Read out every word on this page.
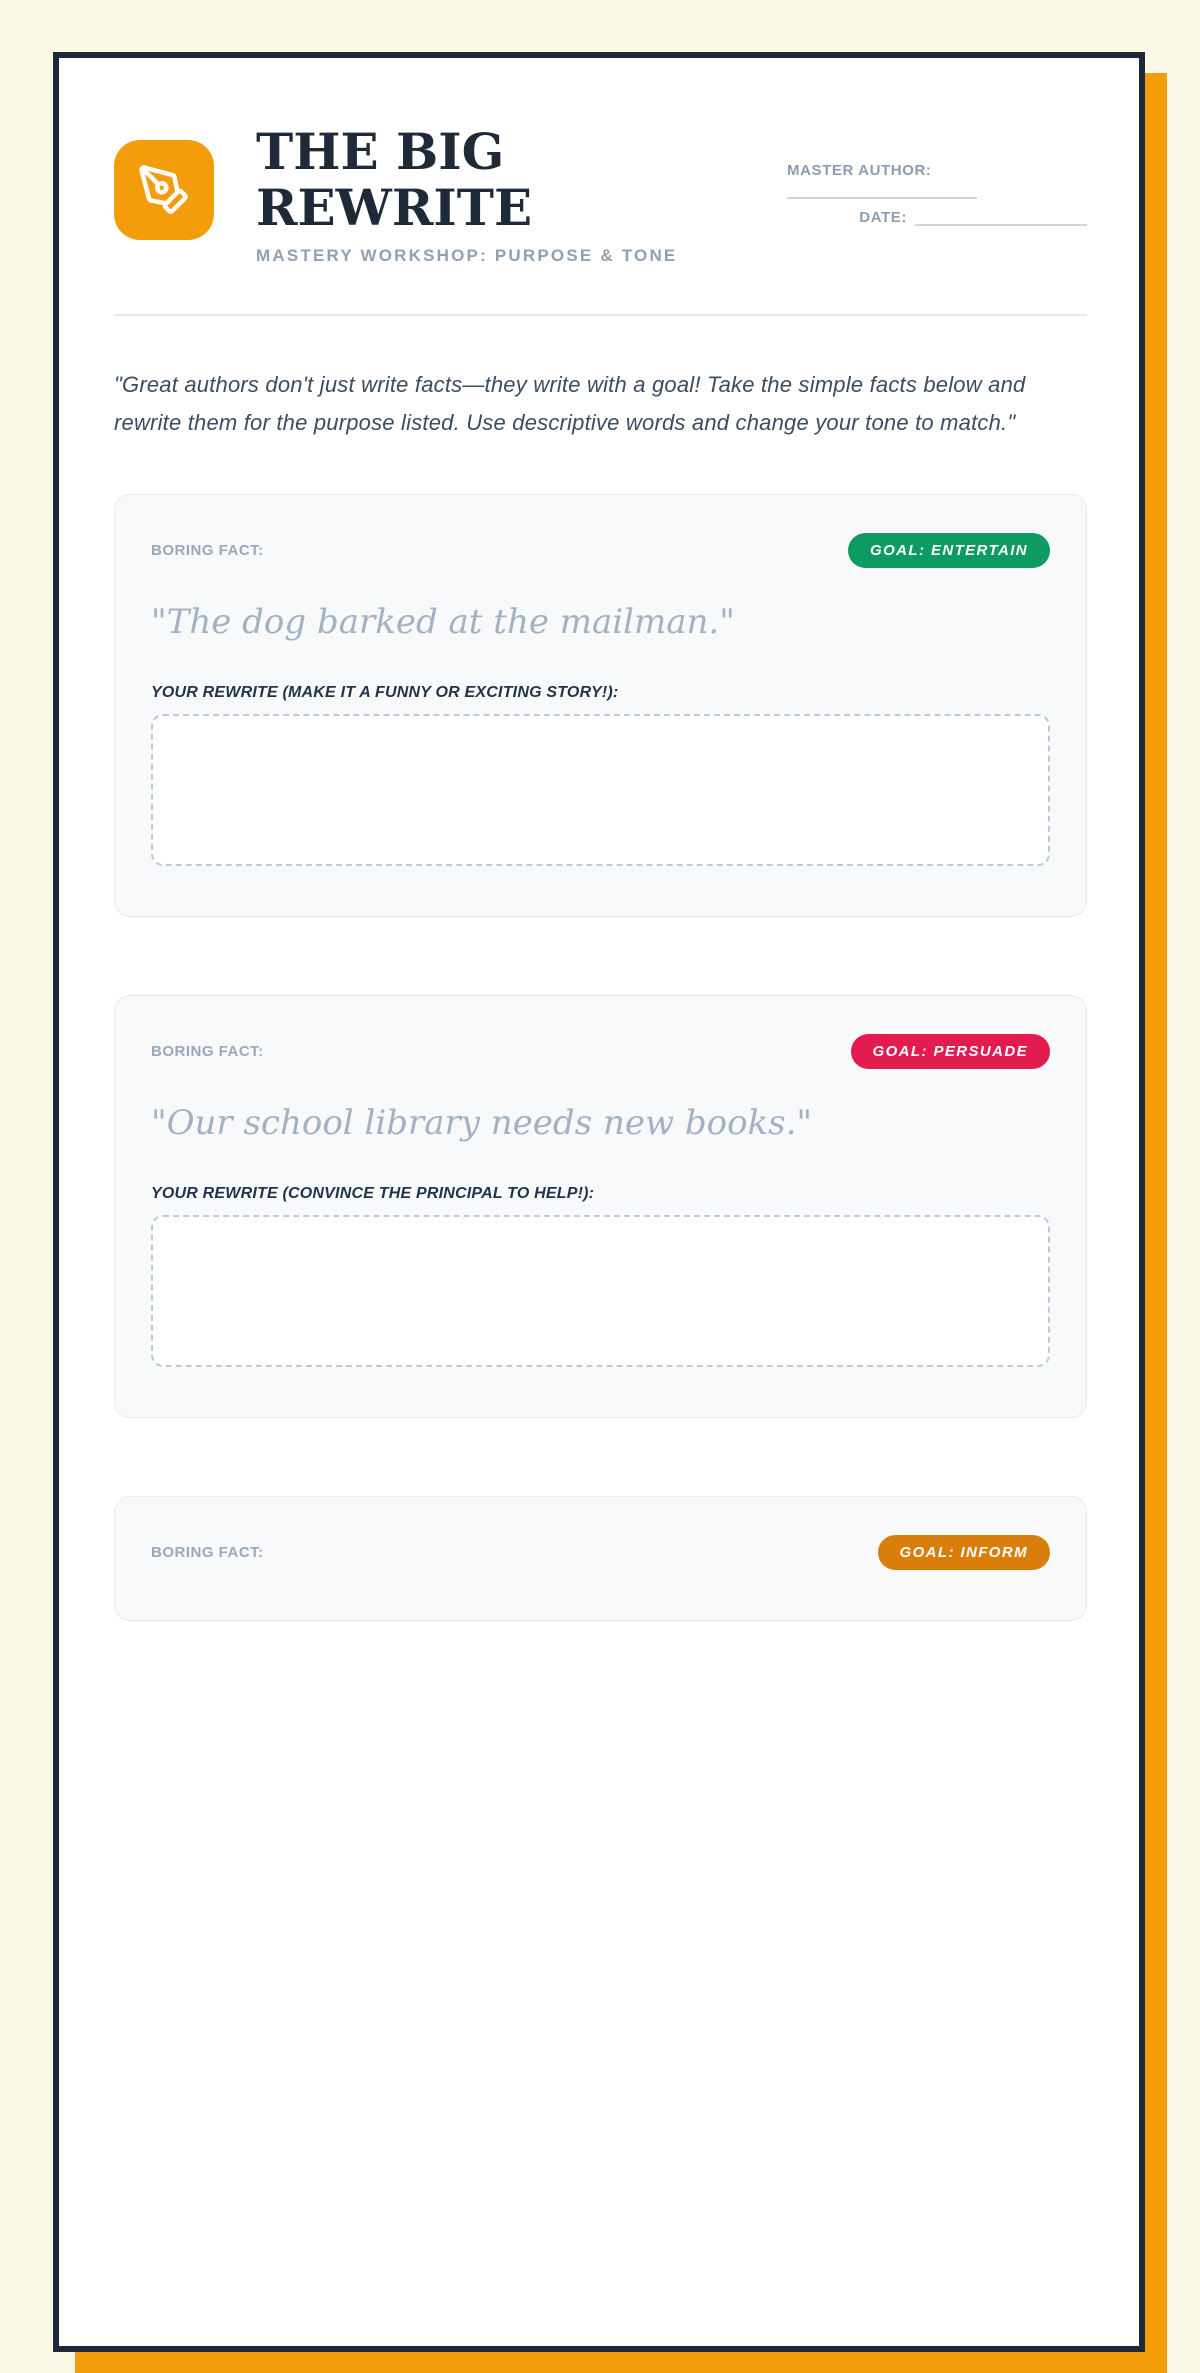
THE BIG REWRITE
MASTERY WORKSHOP: PURPOSE & TONE
MASTER AUTHOR:
DATE:

"Great authors don't just write facts—they write with a goal! Take the simple facts below and rewrite them for the purpose listed. Use descriptive words and change your tone to match."

BORING FACT:	GOAL: ENTERTAIN
"The dog barked at the mailman."
YOUR REWRITE (MAKE IT A FUNNY OR EXCITING STORY!):
BORING FACT:	GOAL: PERSUADE
"Our school library needs new books."
YOUR REWRITE (CONVINCE THE PRINCIPAL TO HELP!):
BORING FACT:	GOAL: INFORM
